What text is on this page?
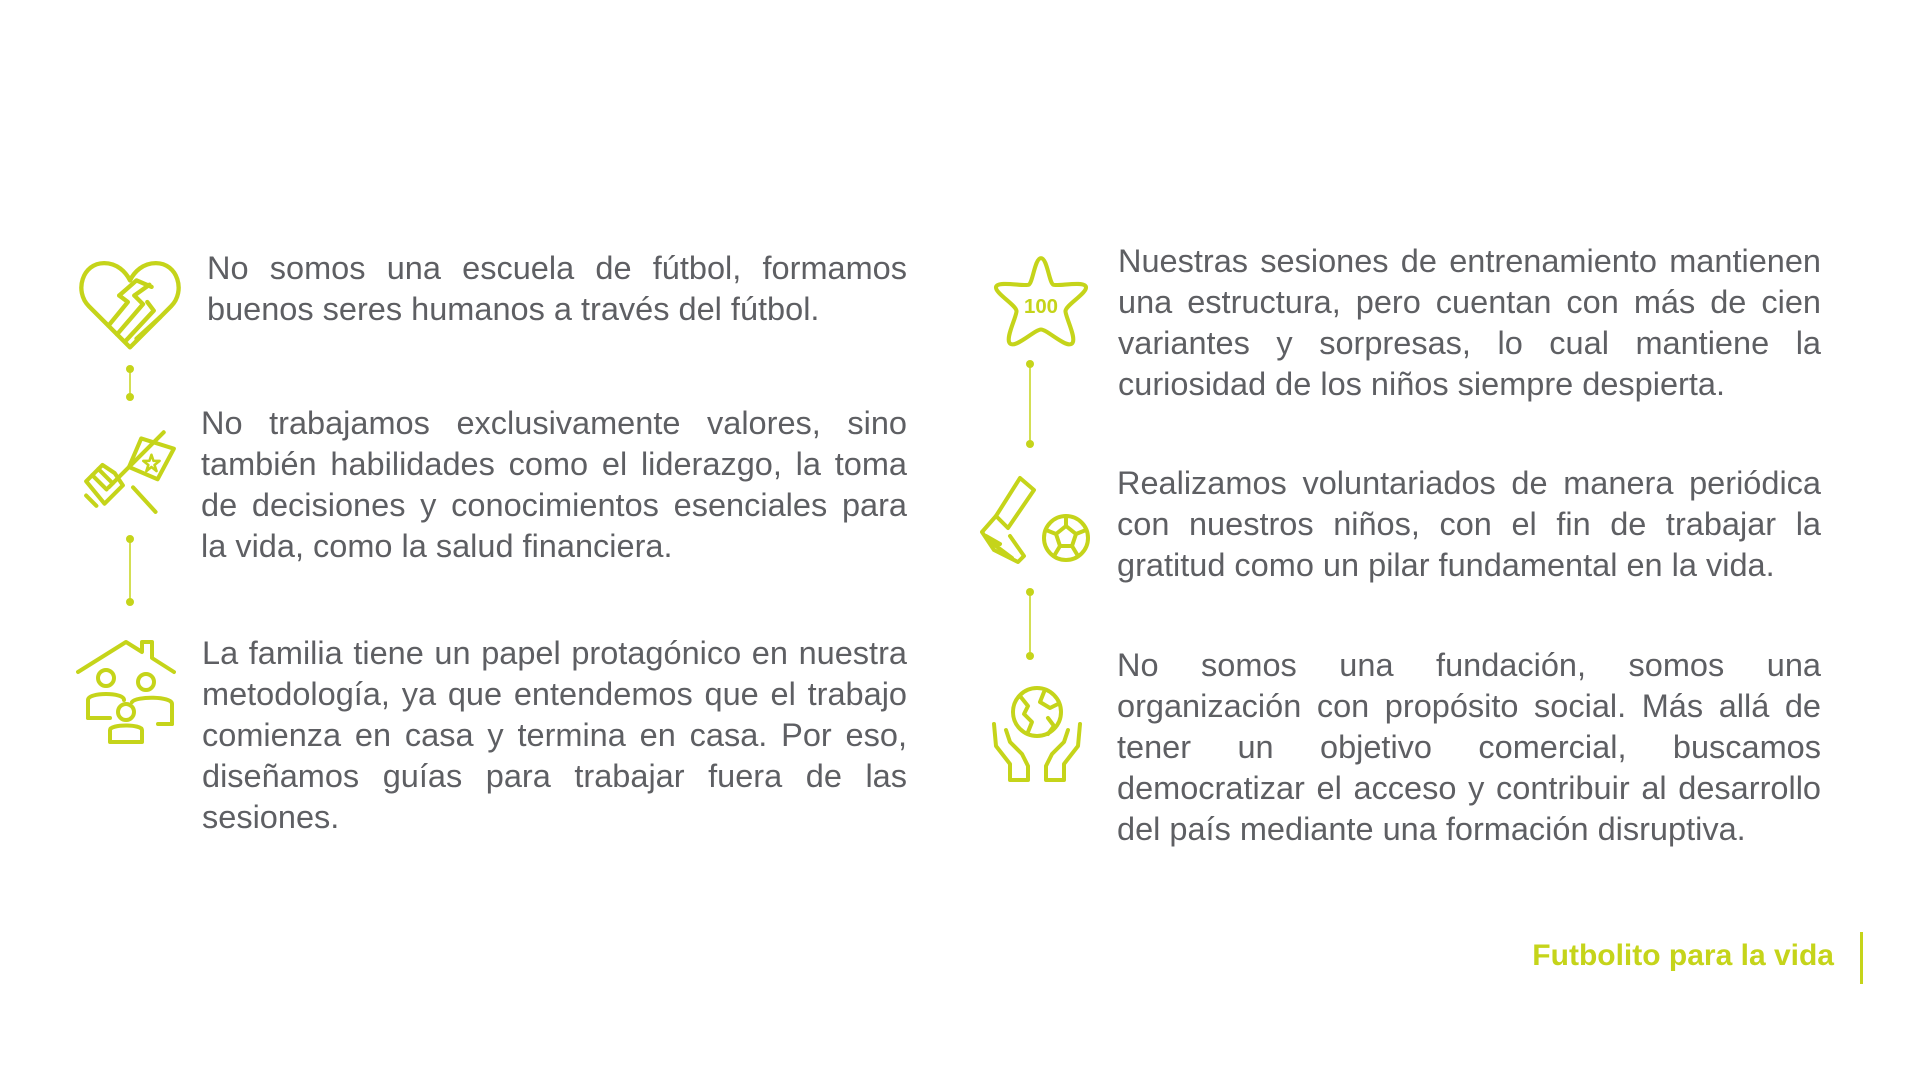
No somos una escuela de fútbol, formamos buenos seres humanos a través del fútbol.

No trabajamos exclusivamente valores, sino también habilidades como el liderazgo, la toma de decisiones y conocimientos esenciales para la vida, como la salud financiera.

La familia tiene un papel protagónico en nuestra metodología, ya que entendemos que el trabajo comienza en casa y termina en casa. Por eso, diseñamos guías para trabajar fuera de las sesiones.

100

Nuestras sesiones de entrenamiento mantienen una estructura, pero cuentan con más de cien variantes y sorpresas, lo cual mantiene la curiosidad de los niños siempre despierta.

Realizamos voluntariados de manera periódica con nuestros niños, con el fin de trabajar la gratitud como un pilar fundamental en la vida.

No somos una fundación, somos una organización con propósito social. Más allá de tener un objetivo comercial, buscamos democratizar el acceso y contribuir al desarrollo del país mediante una formación disruptiva.

Futbolito para la vida
